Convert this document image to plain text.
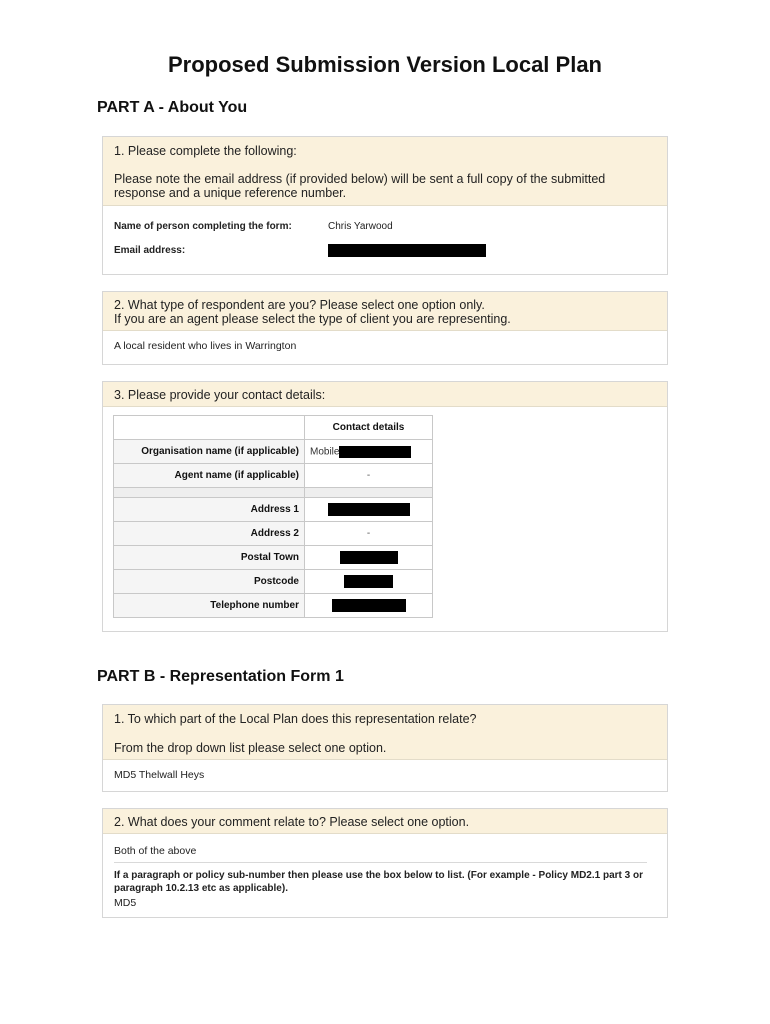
Proposed Submission Version Local Plan
PART A - About You

1. Please complete the following:

Please note the email address (if provided below) will be sent a full copy of the submitted response and a unique reference number.

Name of person completing the form:	Chris Yarwood
Email address:

2. What type of respondent are you? Please select one option only.

If you are an agent please select the type of client you are representing.

A local resident who lives in Warrington

3. Please provide your contact details:

	Contact details
Organisation name (if applicable)	Mobile
Agent name (if applicable)	-

Address 1	
Address 2	-
Postal Town	
Postcode	
Telephone number	
PART B - Representation Form 1

1. To which part of the Local Plan does this representation relate?

From the drop down list please select one option.

MD5 Thelwall Heys

2. What does your comment relate to? Please select one option.

Both of the above
If a paragraph or policy sub-number then please use the box below to list. (For example - Policy MD2.1 part 3 or paragraph 10.2.13 etc as applicable).
MD5
